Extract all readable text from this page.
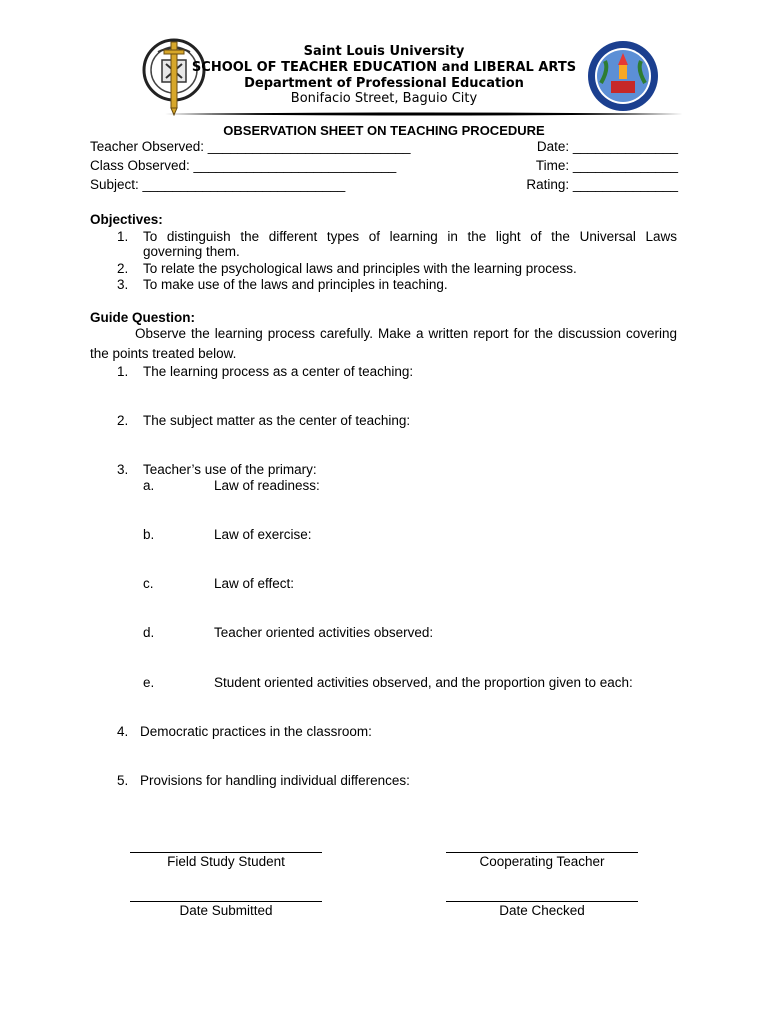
Saint Louis University
SCHOOL OF TEACHER EDUCATION and LIBERAL ARTS
Department of Professional Education
Bonifacio Street, Baguio City
OBSERVATION SHEET ON TEACHING PROCEDURE
Teacher Observed: ___________________________	Date: ______________
Class Observed: ___________________________	Time: ______________
Subject: ___________________________	Rating: ______________
Objectives:
1. To distinguish the different types of learning in the light of the Universal Laws
governing them.
2. To relate the psychological laws and principles with the learning process.
3. To make use of the laws and principles in teaching.
Guide Question:
Observe the learning process carefully. Make a written report for the discussion covering
the points treated below.
1. The learning process as a center of teaching:
2. The subject matter as the center of teaching:
3. Teacher’s use of the primary:
a.	Law of readiness:
b.	Law of exercise:
c.	Law of effect:
d.	Teacher oriented activities observed:
e.	Student oriented activities observed, and the proportion given to each:
4. Democratic practices in the classroom:
5. Provisions for handling individual differences:
Field Study Student	Cooperating Teacher
Date Submitted	Date Checked
